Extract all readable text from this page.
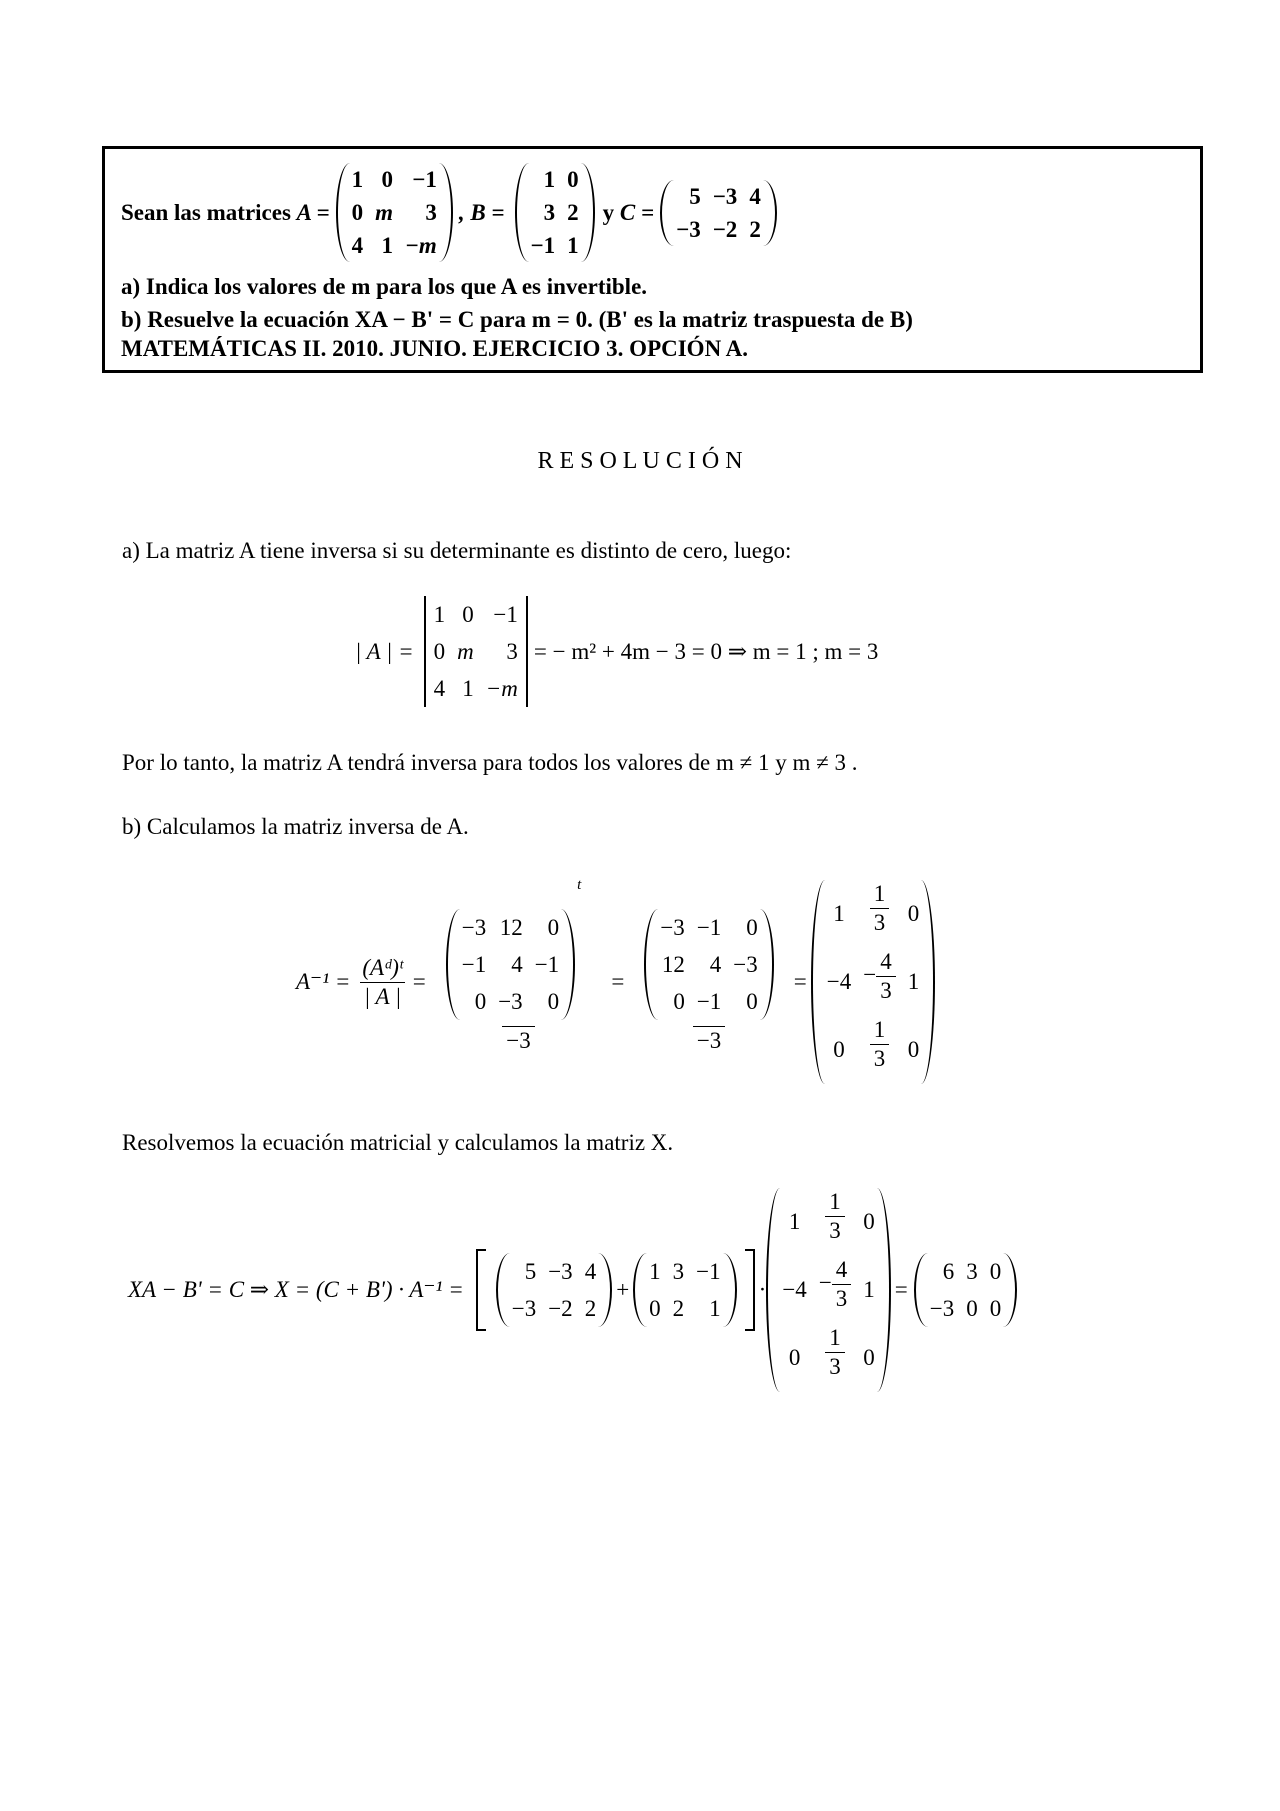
Sean las matrices
A =
1 0 −1
0 m	3
4 1 −m
, B =
1 0
3 2
−1 1
y
C =
5 −3 4
−3 −2 2
a) Indica los valores de m para los que A es invertible.
b) Resuelve la ecuación XA − B' = C para m = 0. (B' es la matriz traspuesta de B)
MATEMÁTICAS II. 2010. JUNIO. EJERCICIO 3. OPCIÓN A.
R E S O L U C I Ó N
a) La matriz A tiene inversa si su determinante es distinto de cero, luego:
| A | =
1 0 −1
0 m	3
4 1 −m
= − m² + 4m − 3 = 0 ⇒ m = 1 ; m = 3
Por lo tanto, la matriz A tendrá inversa para todos los valores de m ≠ 1 y m ≠ 3 .
b) Calculamos la matriz inversa de A.
$A^{-1} = \frac{\text{(Aᵈ)ᵗ}}{| A |} = -3$ 12	0
−1	4 −1
0 −3	0
$^t$
−3 = −3 −1	0
12	4 −3
0 −1	0
−3 =
1	$\frac{1}{3} 0$
$-4 - \frac{4}{3} 1$
0	$\frac{1}{3} 0$
Resolvemos la ecuación matricial y calculamos la matriz X.
XA − B' = C ⇒ X = (C + B') · A⁻¹ =
5 −3 4
−3 −2 2
+
1 3 −1
0 2	1
·
1	$\frac{1}{3} 0$
$-4 - \frac{4}{3} 1$
0	$\frac{1}{3} 0$
=
6 3 0
−3 0 0
